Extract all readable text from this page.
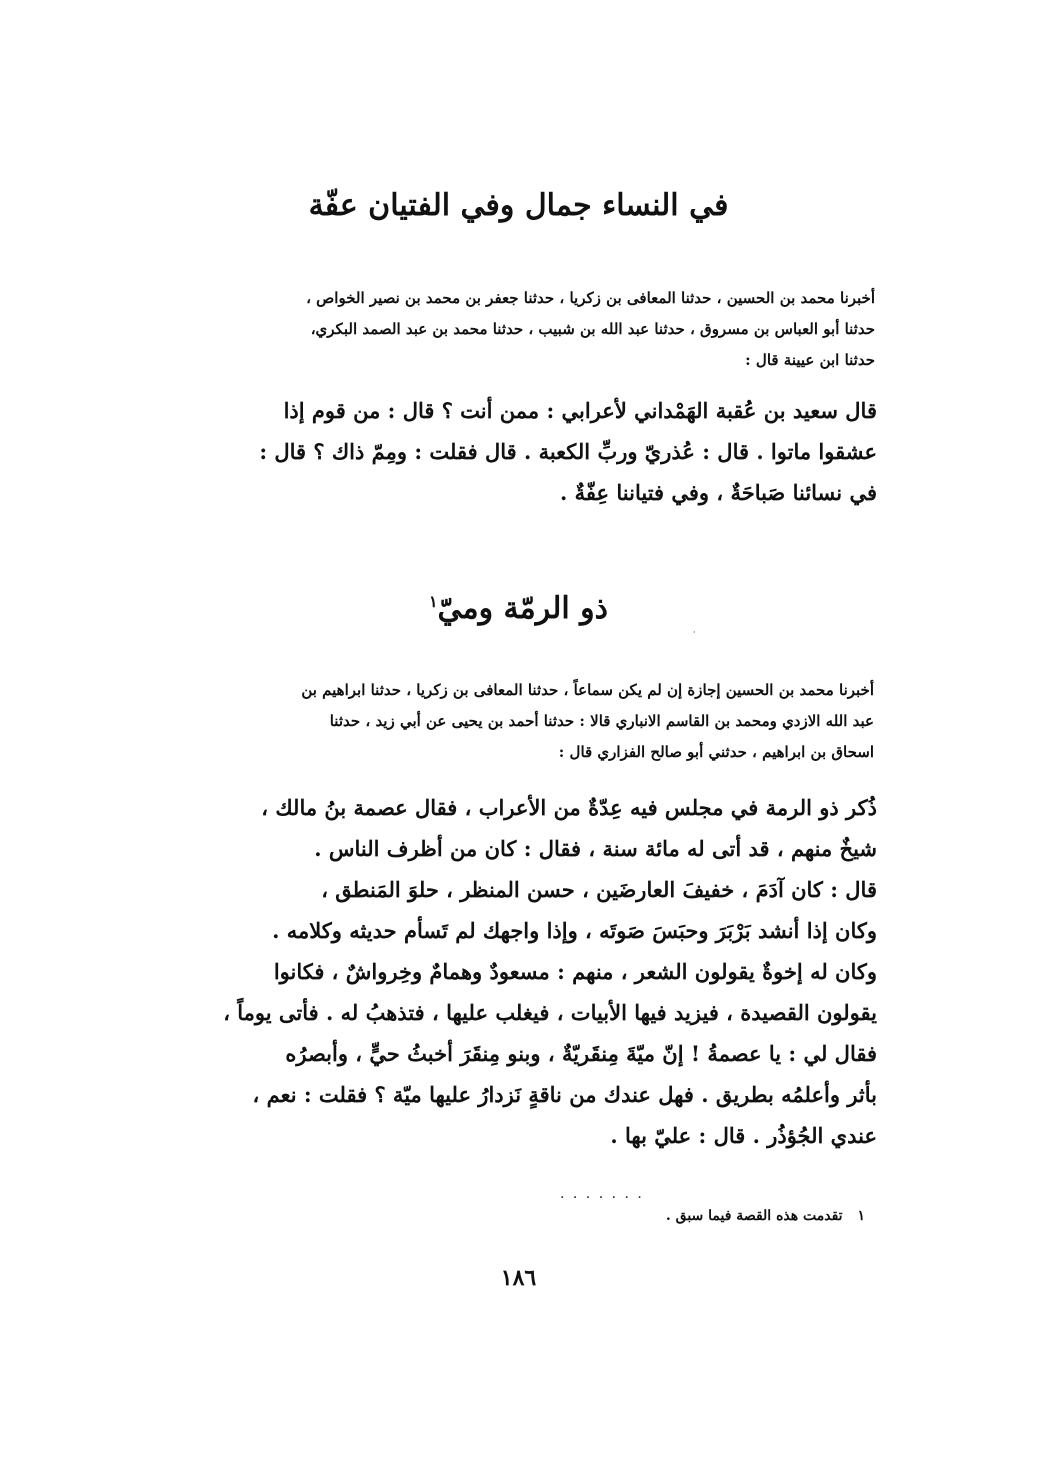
في النساء جمال وفي الفتيان عفّة
أخبرنا محمد بن الحسين ، حدثنا المعافى بن زكريا ، حدثنا جعفر بن محمد بن نصير الخواص ،
حدثنا أبو العباس بن مسروق ، حدثنا عبد الله بن شبيب ، حدثنا محمد بن عبد الصمد البكري،
حدثنا ابن عيينة قال :
قال سعيد بن عُقبة الهَمْداني لأعرابي : ممن أنت ؟ قال : من قوم إذا
عشقوا ماتوا . قال : عُذريّ وربِّ الكعبة . قال فقلت : ومِمّ ذاك ؟ قال :
في نسائنا صَباحَةٌ ، وفي فتياننا عِفّةٌ .
ذو الرمّة وميّ$^١$
·
أخبرنا محمد بن الحسين إجازة إن لم يكن سماعاً ، حدثنا المعافى بن زكريا ، حدثنا ابراهيم بن
عبد الله الازدي ومحمد بن القاسم الانباري قالا : حدثنا أحمد بن يحيى عن أبي زيد ، حدثنا
اسحاق بن ابراهيم ، حدثني أبو صالح الفزاري قال :
ذُكر ذو الرمة في مجلس فيه عِدّةٌ من الأعراب ، فقال عصمة بنُ مالك ،
شيخٌ منهم ، قد أتى له مائة سنة ، فقال : كان من أظرف الناس .
قال : كان آدَمَ ، خفيفَ العارضَين ، حسن المنظر ، حلوَ المَنطق ،
وكان إذا أنشد بَرْبَرَ وحبَسَ صَوتَه ، وإذا واجهك لم تَسأم حديثه وكلامه .
وكان له إخوةٌ يقولون الشعر ، منهم : مسعودٌ وهمامٌ وخِرواشٌ ، فكانوا
يقولون القصيدة ، فيزيد فيها الأبيات ، فيغلب عليها ، فتذهبُ له . فأتى يوماً ،
فقال لي : يا عصمةُ ! إنّ ميّةَ مِنقَريّةٌ ، وبنو مِنقَرَ أخبثُ حيٍّ ، وأبصرُه
بأثر وأعلمُه بطريق . فهل عندك من ناقةٍ نَزدارُ عليها ميّة ؟ فقلت : نعم ،
عندي الجُؤذُر . قال : عليّ بها .
. . . . . . .
١ تقدمت هذه القصة فيما سبق .
١٨٦
